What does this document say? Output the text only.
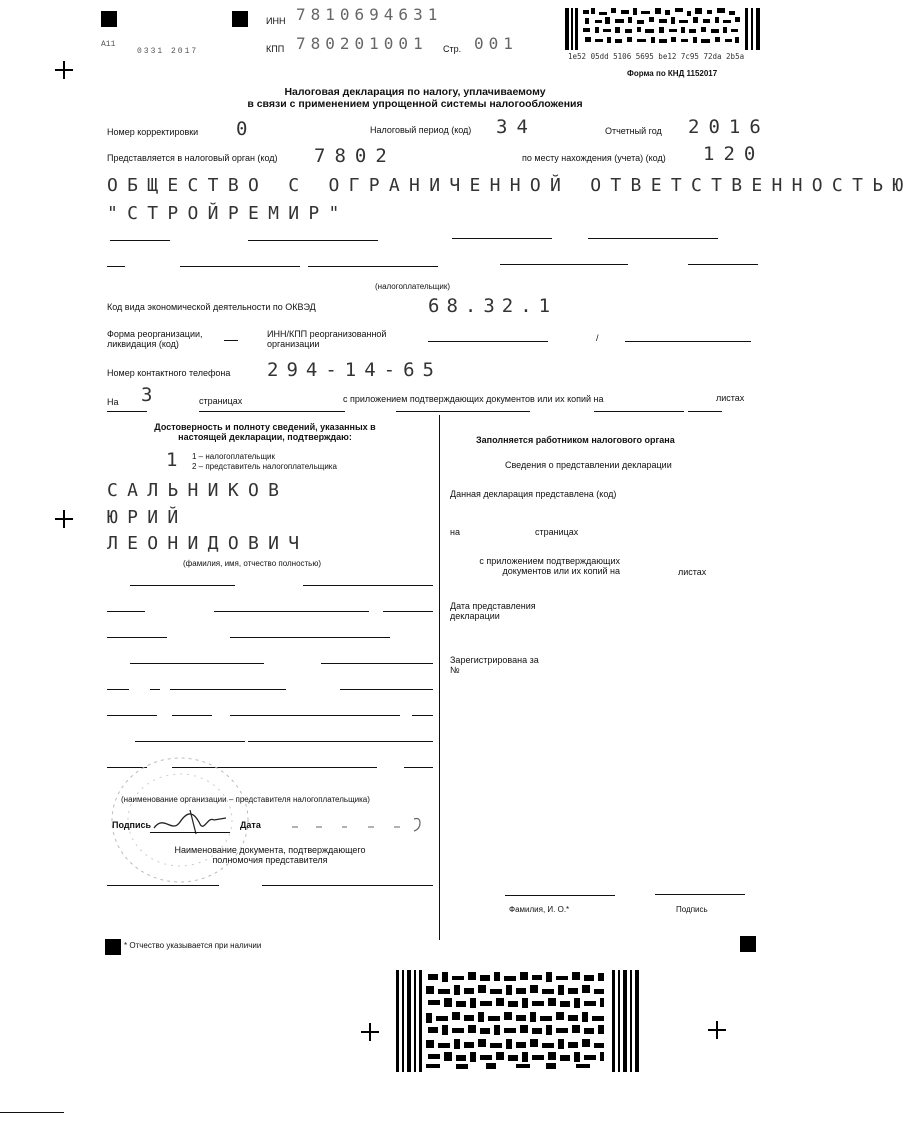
A11
0331 2017
ИНН 7810694631
КПП 780201001 Стр. 001
1e52 05dd 5106 5695 be12 7c95 72da 2b5a
Форма по КНД 1152017
Налоговая декларация по налогу, уплачиваемому
в связи с применением упрощенной системы налогообложения
Номер корректировки 0	Налоговый период (код) 34	Отчетный год 2016
Представляется в налоговый орган (код) 7802	по месту нахождения (учета) (код) 120
ОБЩЕСТВО С ОГРАНИЧЕННОЙ ОТВЕТСТВЕННОСТЬЮ
"СТРОЙРЕМИР"
(налогоплательщик)
Код вида экономической деятельности по ОКВЭД	68.32.1
Форма реорганизации, ликвидация (код)
ИНН/КПП реорганизованной организации
/
Номер контактного телефона 294-14-65
На 3	страницах	с приложением подтверждающих документов или их копий на	листах
Достоверность и полноту сведений, указанных в настоящей декларации, подтверждаю:
1 1 – налогоплательщик
2 – представитель налогоплательщика
САЛЬНИКОВ
ЮРИЙ
ЛЕОНИДОВИЧ
(фамилия, имя, отчество полностью)
(наименование организации – представителя налогоплательщика)
Подпись	Дата
Наименование документа, подтверждающего полномочия представителя
Заполняется работником налогового органа
Сведения о представлении декларации
Данная декларация представлена (код)
на	страницах
с приложением подтверждающих документов или их копий на	листах
Дата представления декларации
Зарегистрирована за №
Фамилия, И. О.*	Подпись
* Отчество указывается при наличии
